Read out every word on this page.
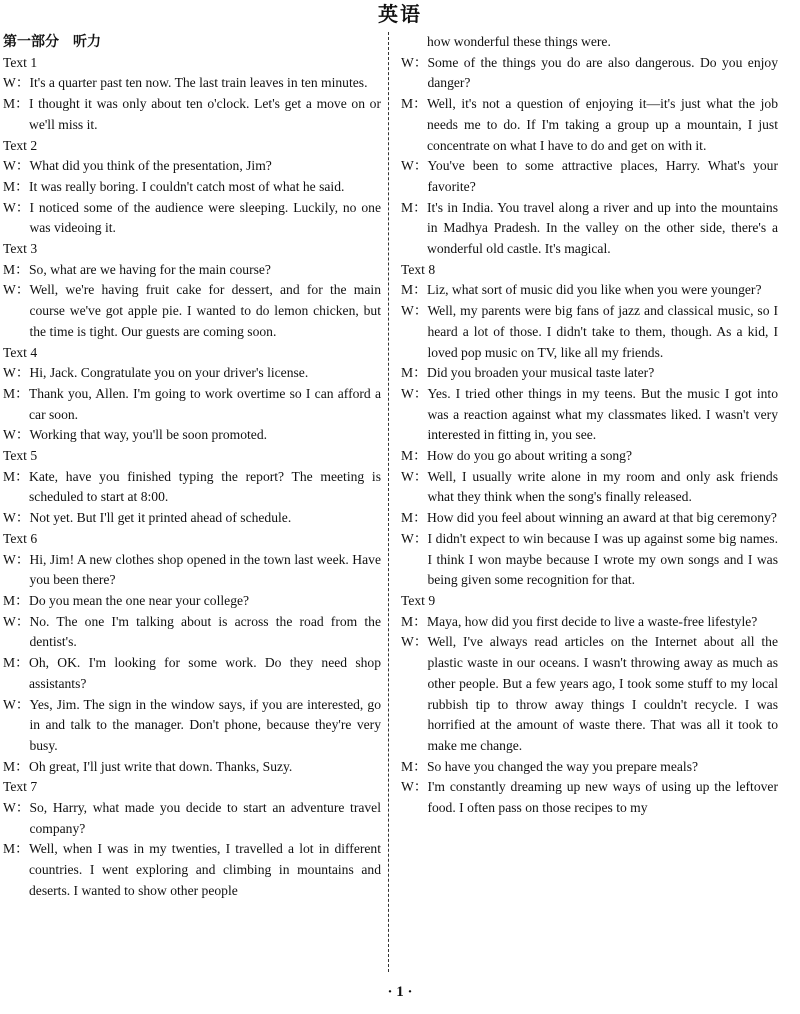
英语

第一部分　听力

Text 1

W： It's a quarter past ten now. The last train leaves in ten minutes.
M： I thought it was only about ten o'clock. Let's get a move on or we'll miss it.

Text 2

W： What did you think of the presentation, Jim?
M： It was really boring. I couldn't catch most of what he said.
W： I noticed some of the audience were sleeping. Luckily, no one was videoing it.

Text 3

M： So, what are we having for the main course?
W： Well, we're having fruit cake for dessert, and for the main course we've got apple pie. I wanted to do lemon chicken, but the time is tight. Our guests are coming soon.

Text 4

W： Hi, Jack. Congratulate you on your driver's license.
M： Thank you, Allen. I'm going to work overtime so I can afford a car soon.
W： Working that way, you'll be soon promoted.

Text 5

M： Kate, have you finished typing the report? The meeting is scheduled to start at 8:00.
W： Not yet. But I'll get it printed ahead of schedule.

Text 6

W： Hi, Jim! A new clothes shop opened in the town last week. Have you been there?
M： Do you mean the one near your college?
W： No. The one I'm talking about is across the road from the dentist's.
M： Oh, OK. I'm looking for some work. Do they need shop assistants?
W： Yes, Jim. The sign in the window says, if you are interested, go in and talk to the manager. Don't phone, because they're very busy.
M： Oh great, I'll just write that down. Thanks, Suzy.

Text 7

W： So, Harry, what made you decide to start an adventure travel company?
M： Well, when I was in my twenties, I travelled a lot in different countries. I went exploring and climbing in mountains and deserts. I wanted to show other people

how wonderful these things were.

W： Some of the things you do are also dangerous. Do you enjoy danger?
M： Well, it's not a question of enjoying it—it's just what the job needs me to do. If I'm taking a group up a mountain, I just concentrate on what I have to do and get on with it.
W： You've been to some attractive places, Harry. What's your favorite?
M： It's in India. You travel along a river and up into the mountains in Madhya Pradesh. In the valley on the other side, there's a wonderful old castle. It's magical.

Text 8

M： Liz, what sort of music did you like when you were younger?
W： Well, my parents were big fans of jazz and classical music, so I heard a lot of those. I didn't take to them, though. As a kid, I loved pop music on TV, like all my friends.
M： Did you broaden your musical taste later?
W： Yes. I tried other things in my teens. But the music I got into was a reaction against what my classmates liked. I wasn't very interested in fitting in, you see.
M： How do you go about writing a song?
W： Well, I usually write alone in my room and only ask friends what they think when the song's finally released.
M： How did you feel about winning an award at that big ceremony?
W： I didn't expect to win because I was up against some big names. I think I won maybe because I wrote my own songs and I was being given some recognition for that.

Text 9

M： Maya, how did you first decide to live a waste-free lifestyle?
W： Well, I've always read articles on the Internet about all the plastic waste in our oceans. I wasn't throwing away as much as other people. But a few years ago, I took some stuff to my local rubbish tip to throw away things I couldn't recycle. I was horrified at the amount of waste there. That was all it took to make me change.
M： So have you changed the way you prepare meals?
W： I'm constantly dreaming up new ways of using up the leftover food. I often pass on those recipes to my
· 1 ·
